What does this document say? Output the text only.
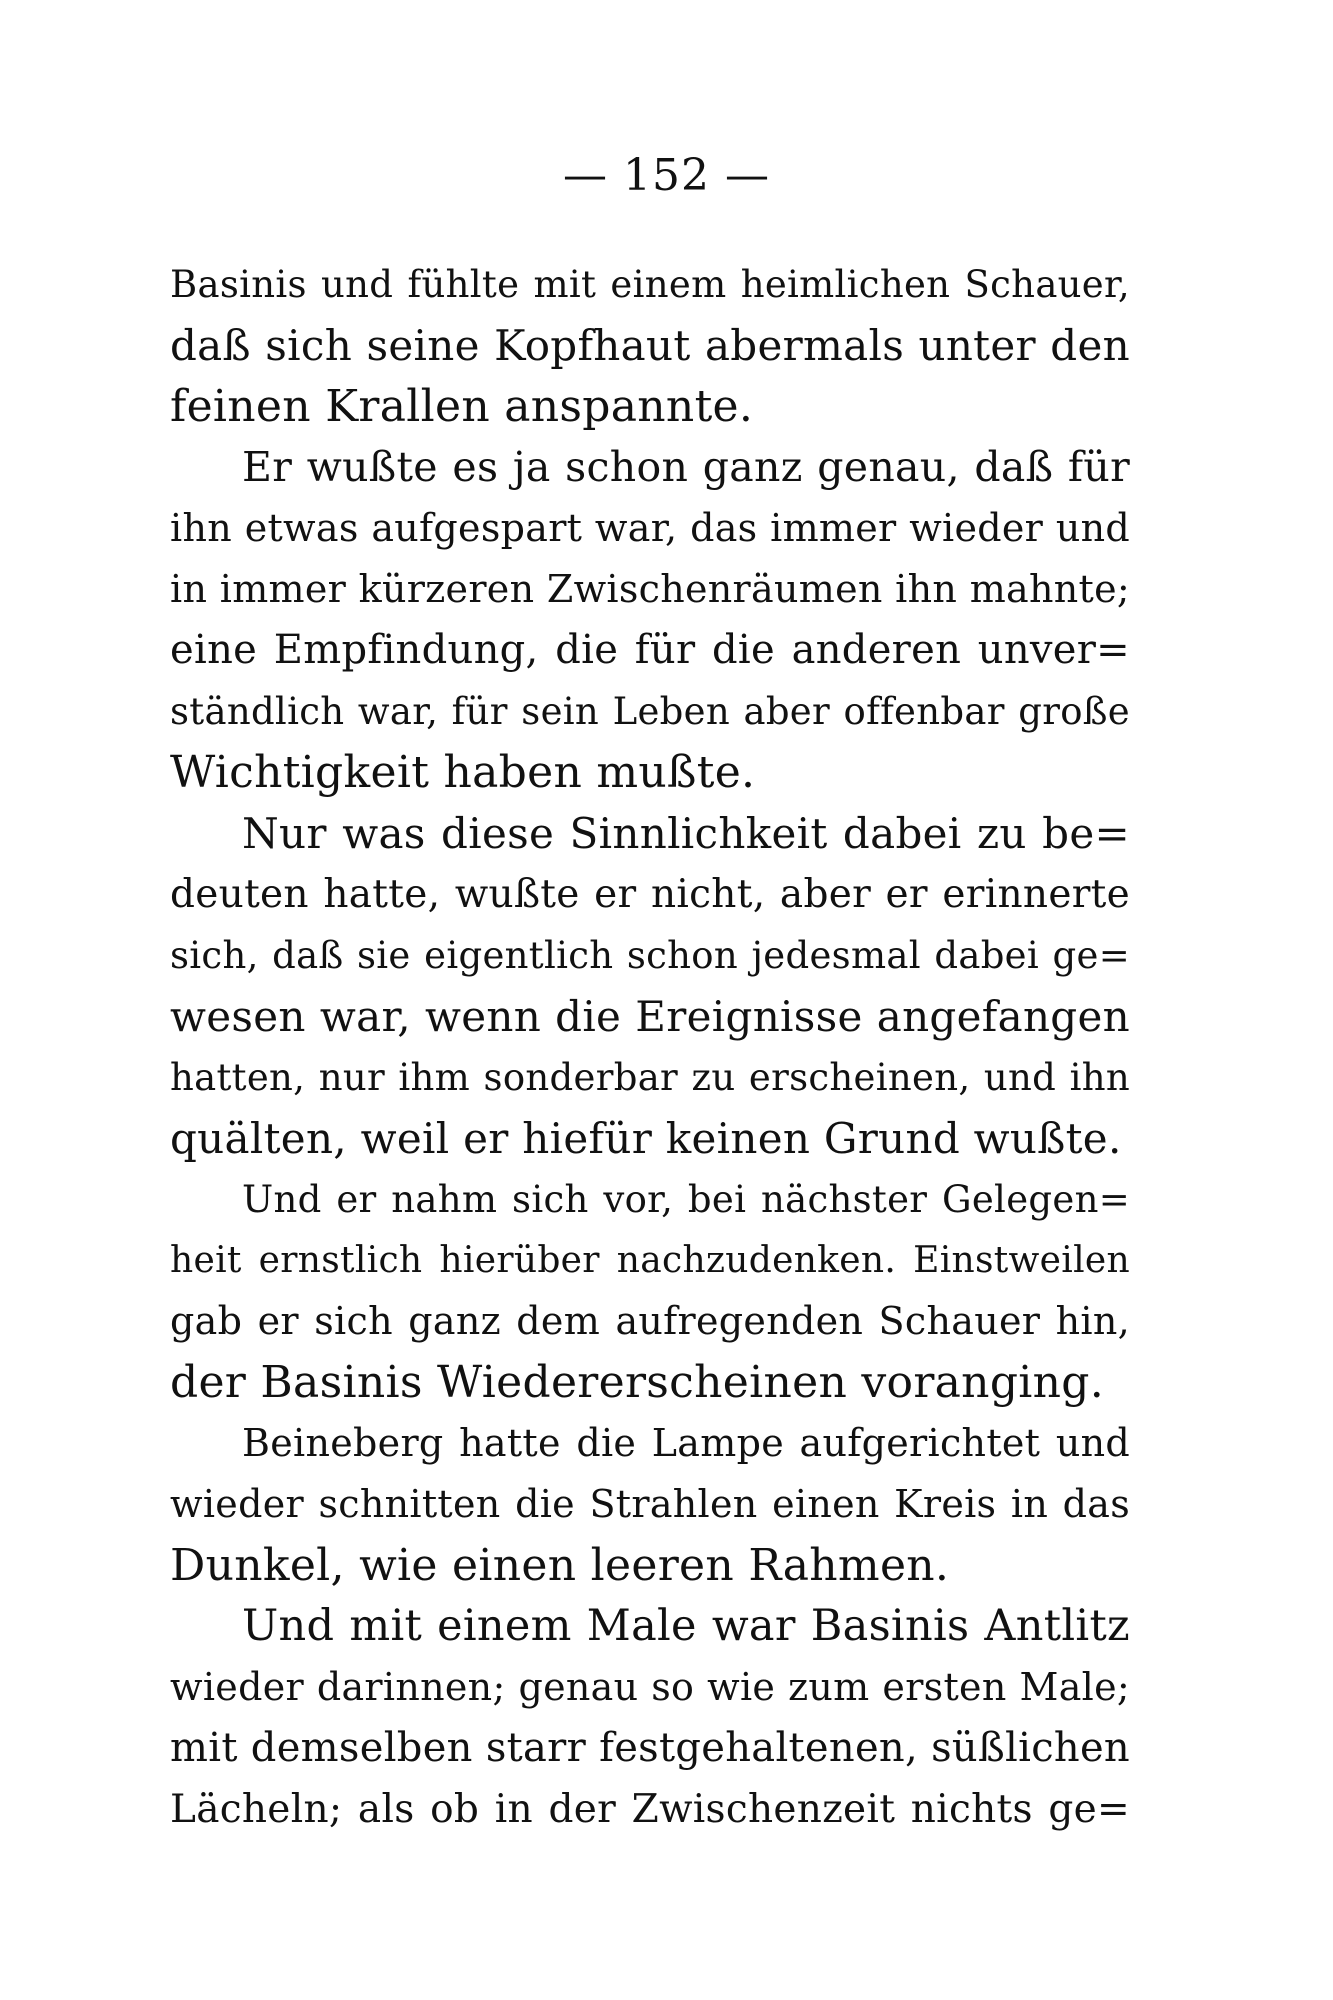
— 152 —
Basinis und fühlte mit einem heimlichen Schauer,
daß sich seine Kopfhaut abermals unter den
feinen Krallen anspannte.
Er wußte es ja schon ganz genau, daß für
ihn etwas aufgespart war, das immer wieder und
in immer kürzeren Zwischenräumen ihn mahnte;
eine Empfindung, die für die anderen unver=
ständlich war, für sein Leben aber offenbar große
Wichtigkeit haben mußte.
Nur was diese Sinnlichkeit dabei zu be=
deuten hatte, wußte er nicht, aber er erinnerte
sich, daß sie eigentlich schon jedesmal dabei ge=
wesen war, wenn die Ereignisse angefangen
hatten, nur ihm sonderbar zu erscheinen, und ihn
quälten, weil er hiefür keinen Grund wußte.
Und er nahm sich vor, bei nächster Gelegen=
heit ernstlich hierüber nachzudenken. Einstweilen
gab er sich ganz dem aufregenden Schauer hin,
der Basinis Wiedererscheinen voranging.
Beineberg hatte die Lampe aufgerichtet und
wieder schnitten die Strahlen einen Kreis in das
Dunkel, wie einen leeren Rahmen.
Und mit einem Male war Basinis Antlitz
wieder darinnen; genau so wie zum ersten Male;
mit demselben starr festgehaltenen, süßlichen
Lächeln; als ob in der Zwischenzeit nichts ge=
